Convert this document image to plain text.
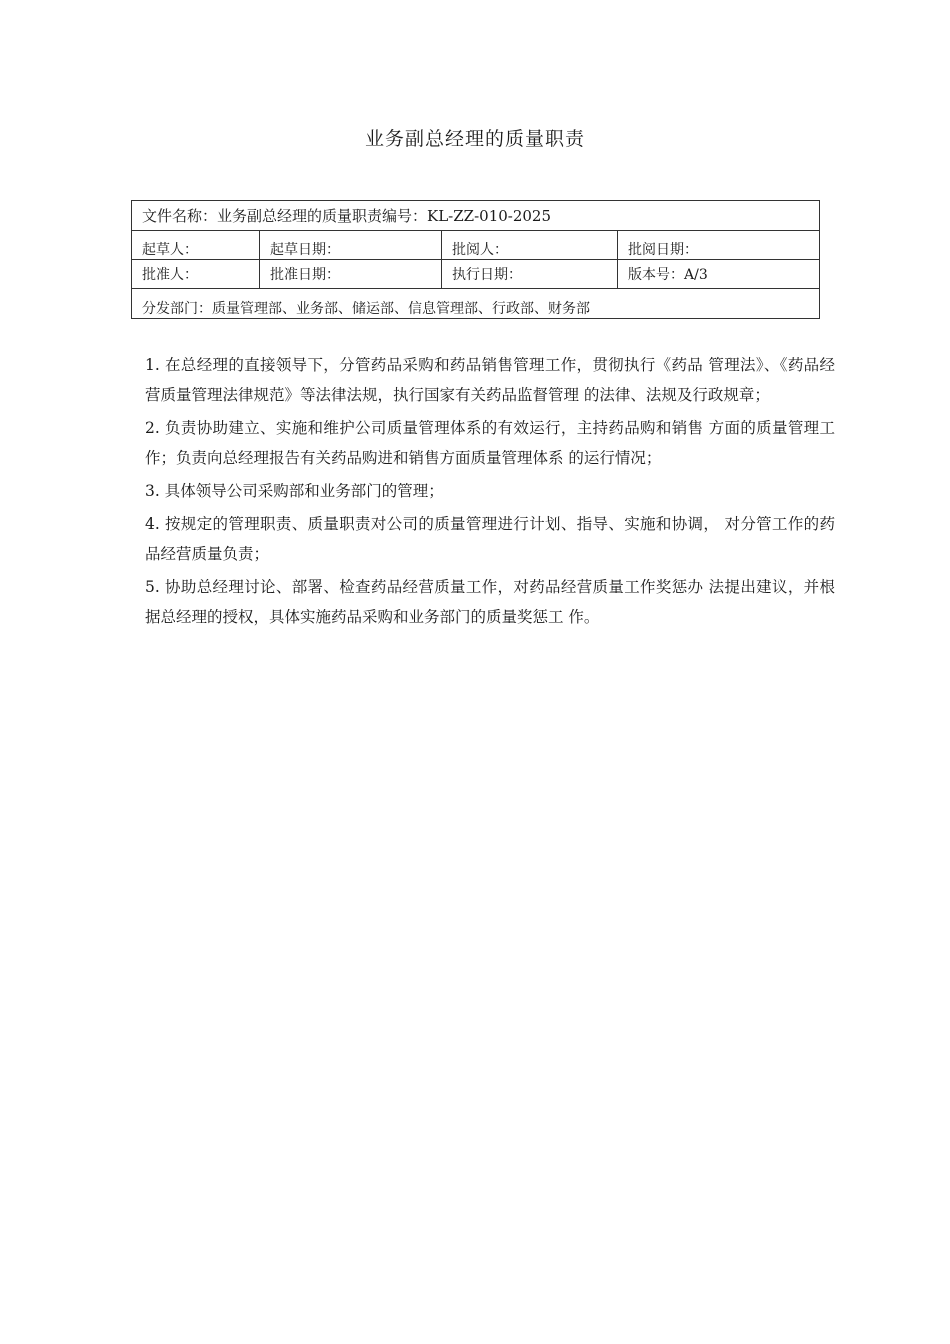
业务副总经理的质量职责
文件名称：业务副总经理的质量职责编号：KL-ZZ-010-2025			
起草人：	起草日期：	批阅人：	批阅日期：
批准人：	批准日期：	执行日期：	版本号：A/3
分发部门：质量管理部、业务部、储运部、信息管理部、行政部、财务部			

1. 在总经理的直接领导下，分管药品采购和药品销售管理工作，贯彻执行《药品 管理法》、《药品经营质量管理法律规范》等法律法规，执行国家有关药品监督管理 的法律、法规及行政规章；

2. 负责协助建立、实施和维护公司质量管理体系的有效运行，主持药品购和销售 方面的质量管理工作；负责向总经理报告有关药品购进和销售方面质量管理体系 的运行情况；

3. 具体领导公司采购部和业务部门的管理；

4. 按规定的管理职责、质量职责对公司的质量管理进行计划、指导、实施和协调， 对分管工作的药品经营质量负责；

5. 协助总经理讨论、部署、检查药品经营质量工作，对药品经营质量工作奖惩办 法提出建议，并根据总经理的授权，具体实施药品采购和业务部门的质量奖惩工 作。
